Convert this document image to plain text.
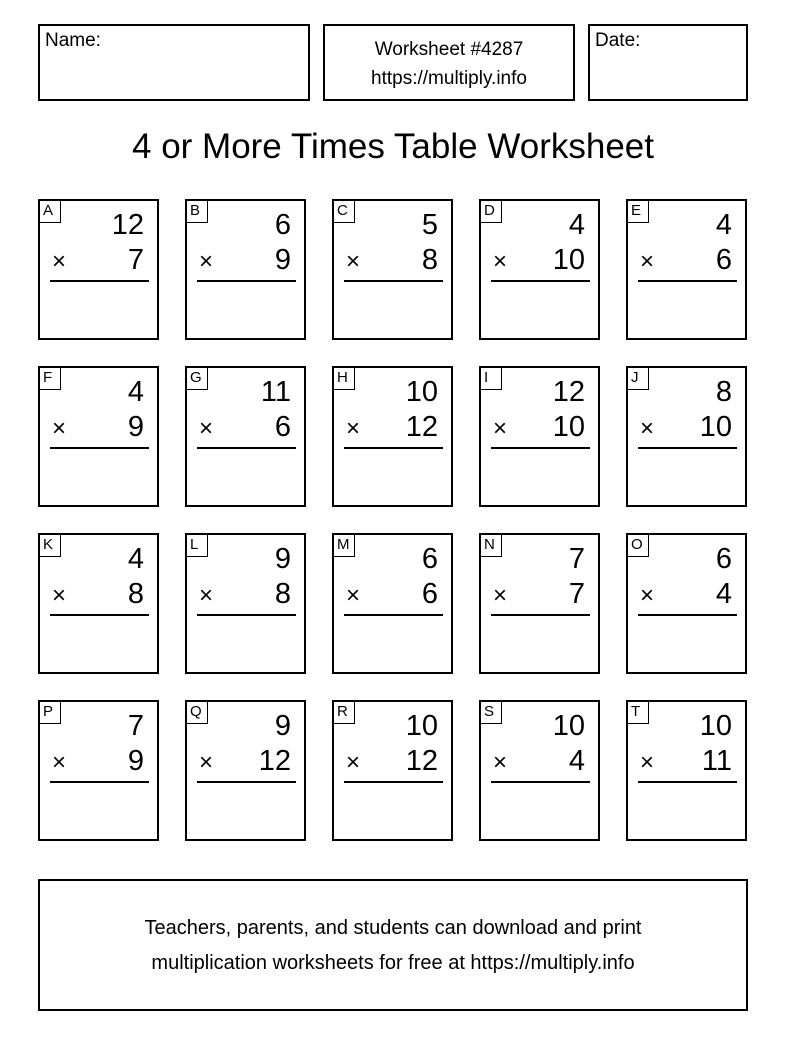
Name:	Worksheet #4287
https://multiply.info
Date:
4 or More Times Table Worksheet
A 12
× 7
B	6
× 9
C	5
× 8
D	4
× 10
E	4
× 6
F	4
× 9
G 11
× 6
H 10
× 12
I	12
× 10
J	8
× 10
K	4
× 8
L	9
× 8
M 6
× 6
N	7
× 7
O	6
× 4
P	7
× 9
Q	9
× 12
R 10
× 12
S 10
× 4
T	10
× 11
Teachers, parents, and students can download and print
multiplication worksheets for free at https://multiply.info
